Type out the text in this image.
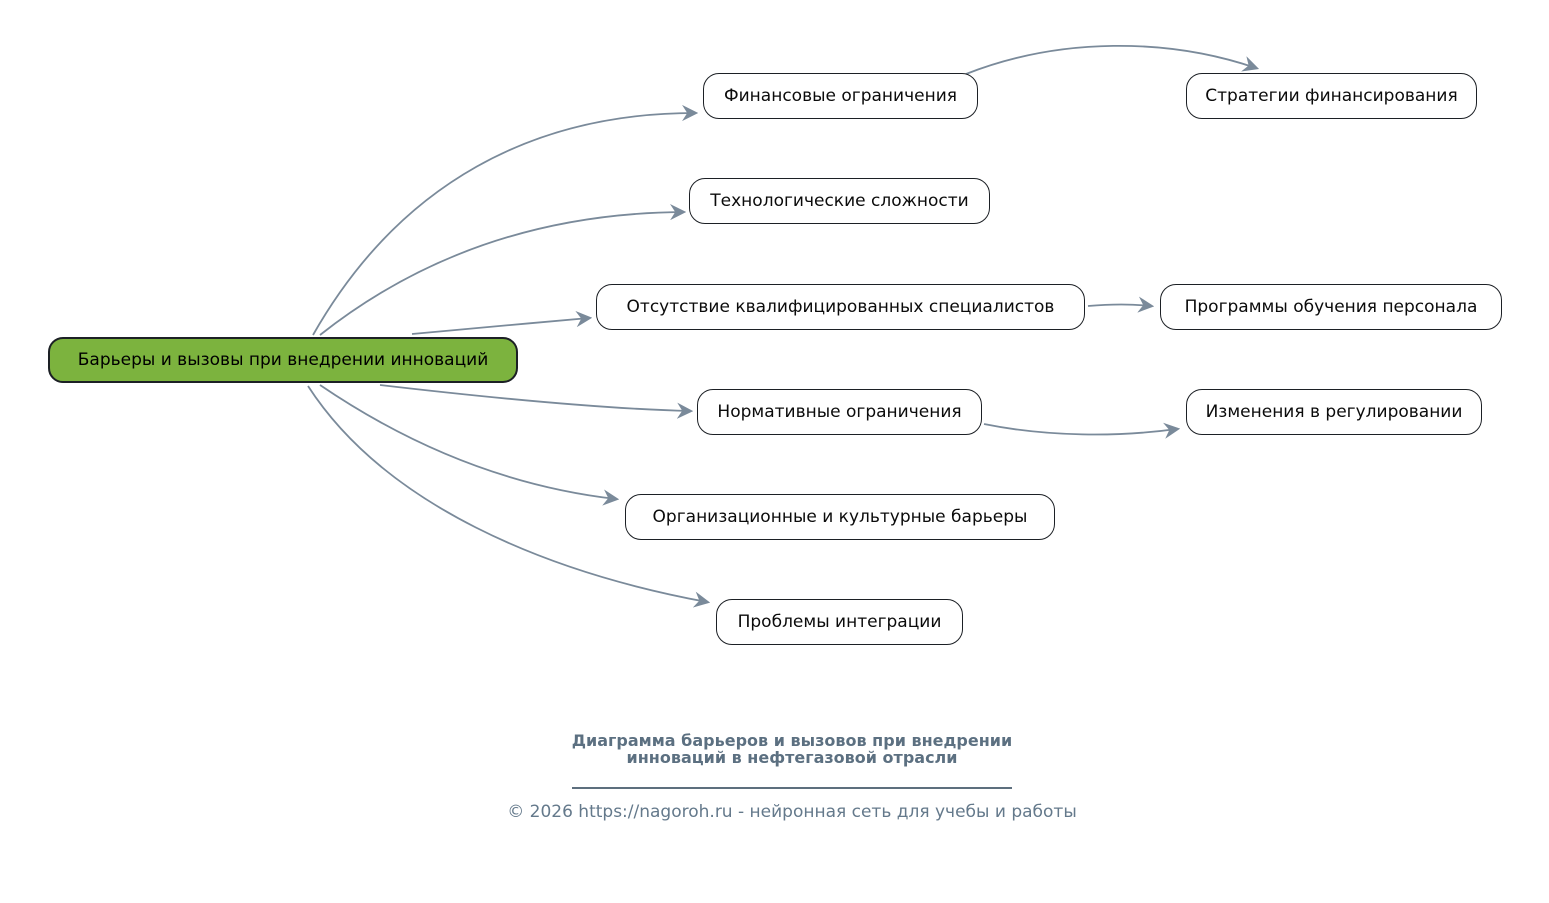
Барьеры и вызовы при внедрении инноваций
Финансовые ограничения	Стратегии финансирования
Технологические сложности
Отсутствие квалифицированных специалистов	Программы обучения персонала
Нормативные ограничения	Изменения в регулировании
Организационные и культурные барьеры
Проблемы интеграции
Диаграмма барьеров и вызовов при внедрении
инноваций в нефтегазовой отрасли
© 2026 https://nagoroh.ru - нейронная сеть для учебы и работы
